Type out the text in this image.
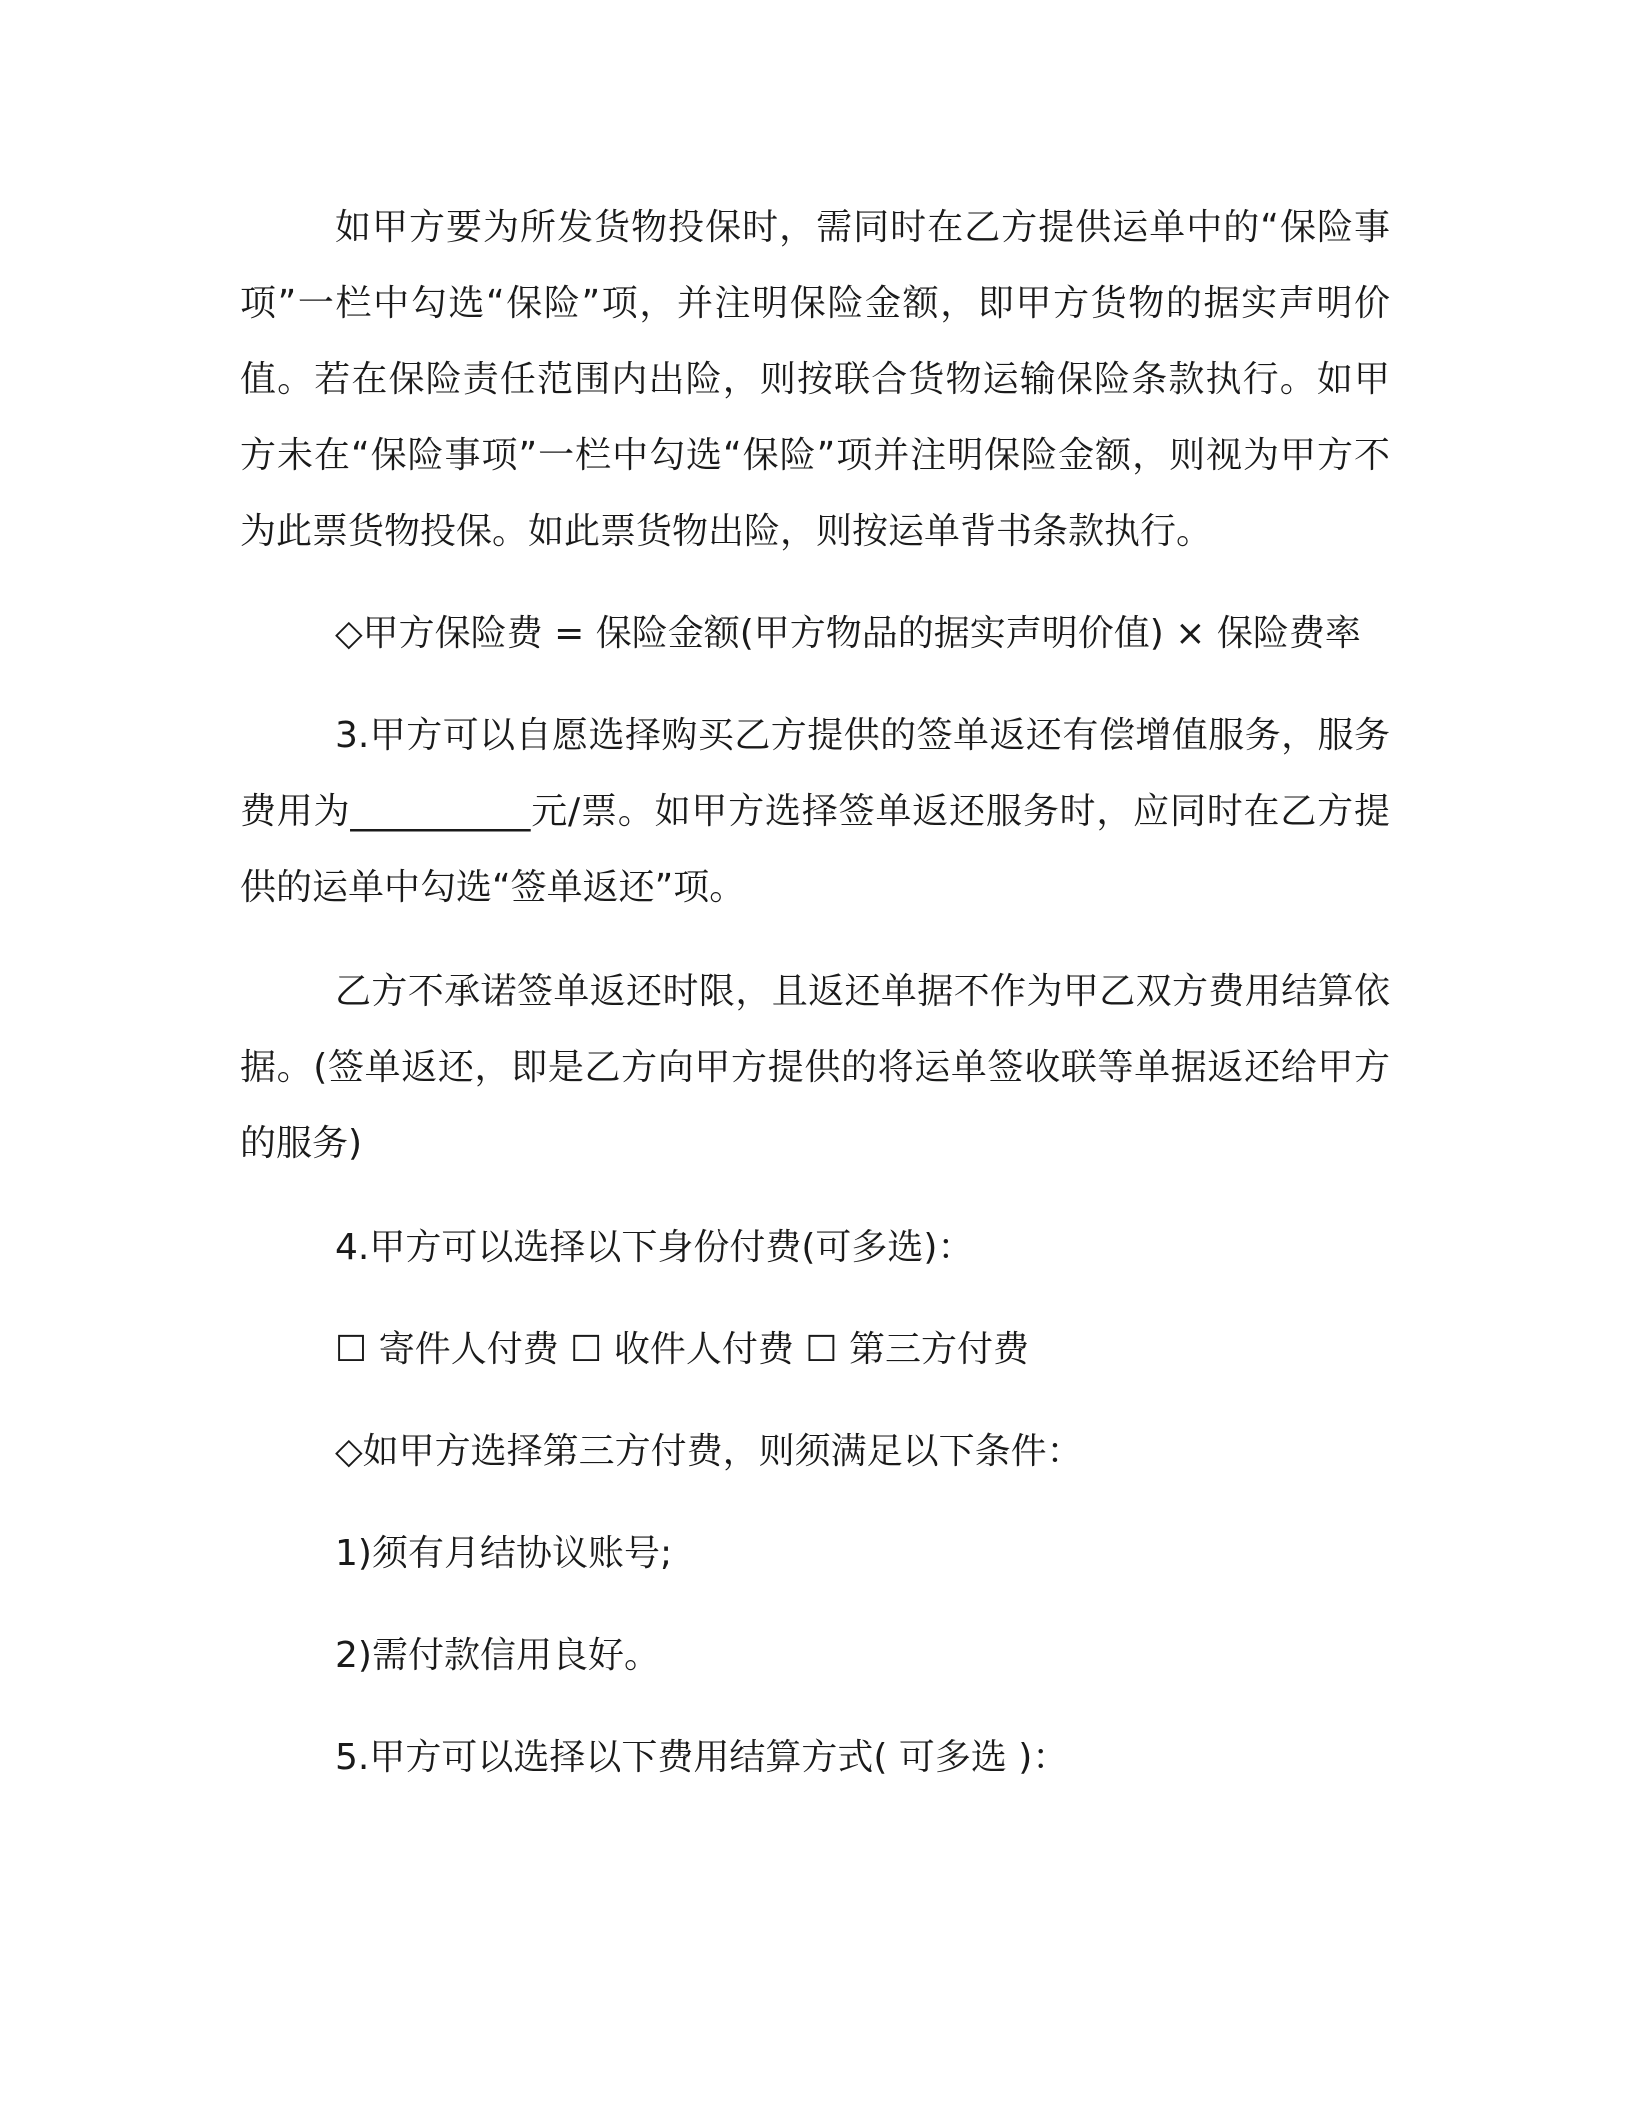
如甲方要为所发货物投保时，需同时在乙方提供运单中的“保险事项”一栏中勾选“保险”项，并注明保险金额，即甲方货物的据实声明价值。若在保险责任范围内出险，则按联合货物运输保险条款执行。如甲方未在“保险事项”一栏中勾选“保险”项并注明保险金额，则视为甲方不为此票货物投保。如此票货物出险，则按运单背书条款执行。

◇甲方保险费 = 保险金额(甲方物品的据实声明价值) × 保险费率

3.甲方可以自愿选择购买乙方提供的签单返还有偿增值服务，服务费用为__________元/票。如甲方选择签单返还服务时，应同时在乙方提供的运单中勾选“签单返还”项。

乙方不承诺签单返还时限，且返还单据不作为甲乙双方费用结算依据。(签单返还，即是乙方向甲方提供的将运单签收联等单据返还给甲方的服务)

4.甲方可以选择以下身份付费(可多选)：

☐ 寄件人付费 ☐ 收件人付费 ☐ 第三方付费

◇如甲方选择第三方付费，则须满足以下条件：

1)须有月结协议账号;

2)需付款信用良好。

5.甲方可以选择以下费用结算方式( 可多选 )：
